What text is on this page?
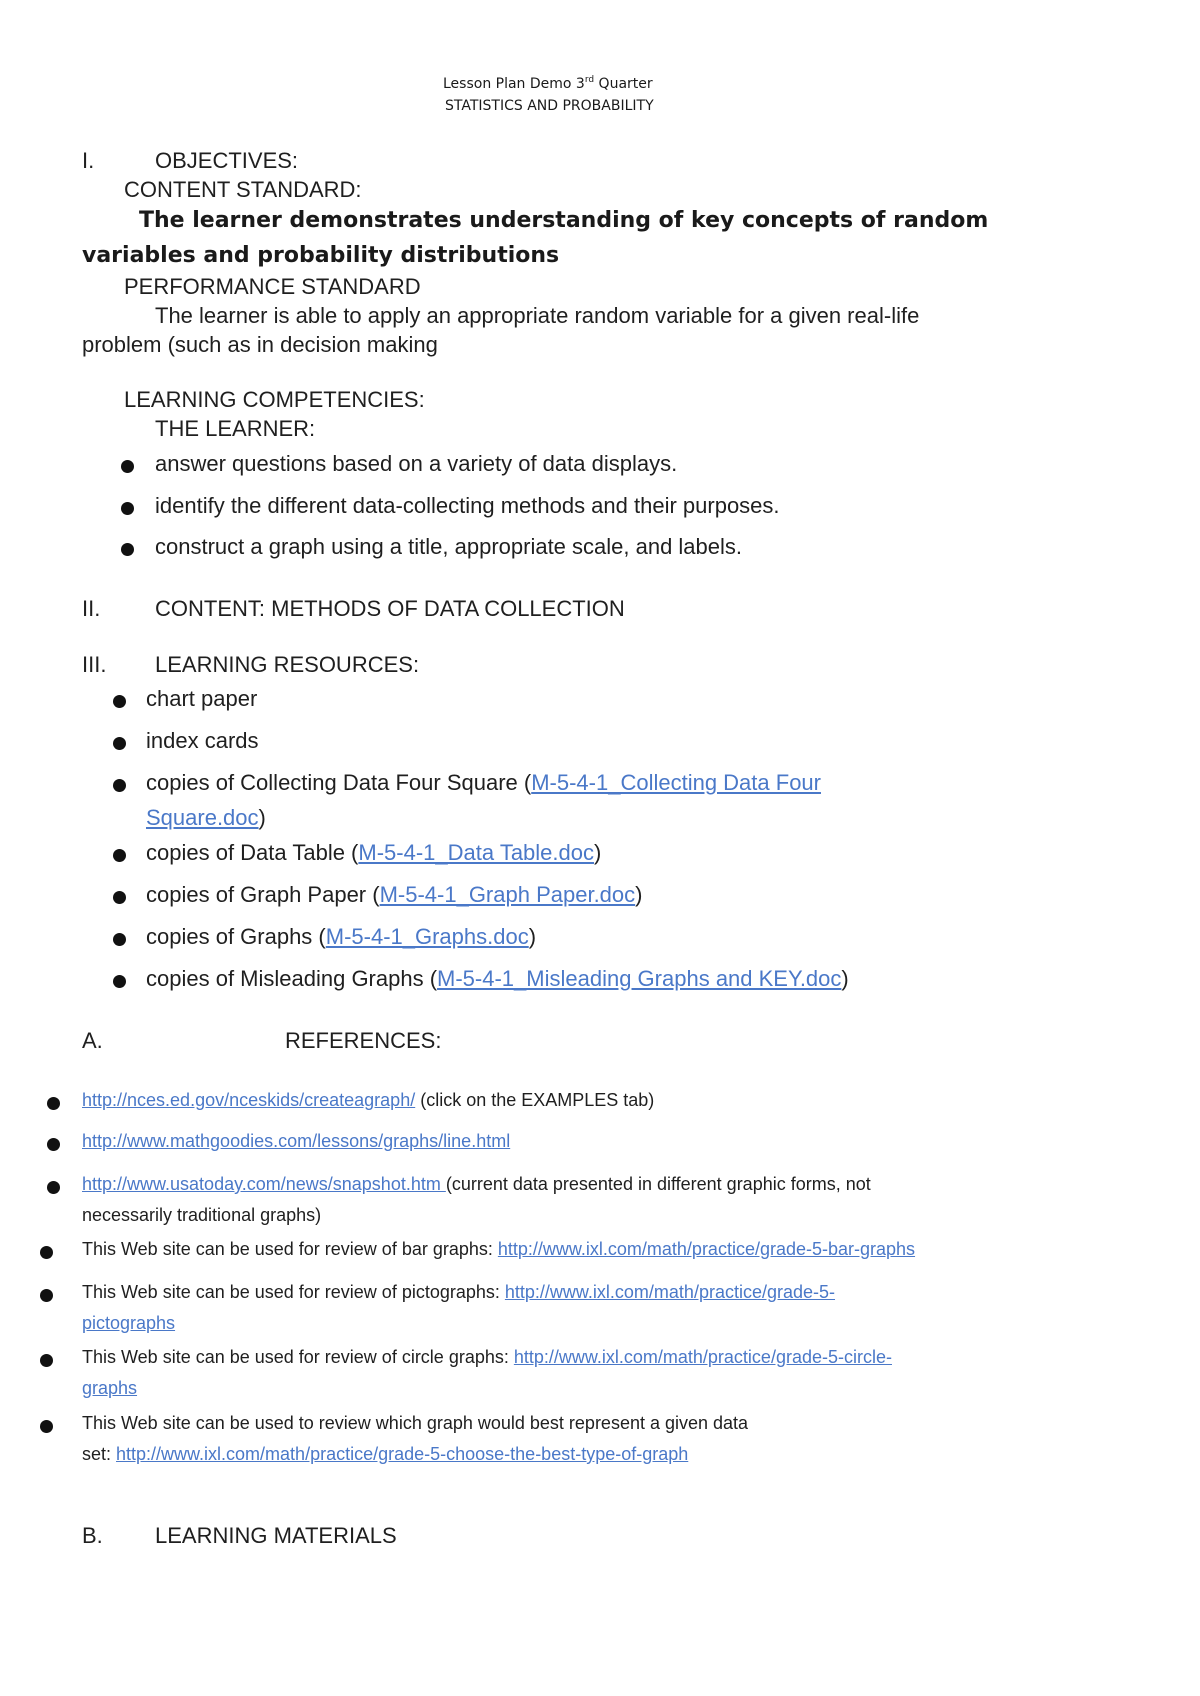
Lesson Plan Demo 3rd Quarter
STATISTICS AND PROBABILITY
I.	OBJECTIVES:
CONTENT STANDARD:
The learner demonstrates understanding of key concepts of random
variables and probability distributions
PERFORMANCE STANDARD
The learner is able to apply an appropriate random variable for a given real-life
problem (such as in decision making
LEARNING COMPETENCIES:
THE LEARNER:
answer questions based on a variety of data displays.
identify the different data-collecting methods and their purposes.
construct a graph using a title, appropriate scale, and labels.
II. CONTENT: METHODS OF DATA COLLECTION
III. LEARNING RESOURCES:
chart paper
index cards
copies of Collecting Data Four Square (M-5-4-1_Collecting Data Four
Square.doc)
copies of Data Table (M-5-4-1_Data Table.doc)
copies of Graph Paper (M-5-4-1_Graph Paper.doc)
copies of Graphs (M-5-4-1_Graphs.doc)
copies of Misleading Graphs (M-5-4-1_Misleading Graphs and KEY.doc)
A.	REFERENCES:
http://nces.ed.gov/nceskids/createagraph/ (click on the EXAMPLES tab)
http://www.mathgoodies.com/lessons/graphs/line.html
http://www.usatoday.com/news/snapshot.htm (current data presented in different graphic forms, not
necessarily traditional graphs)
This Web site can be used for review of bar graphs: http://www.ixl.com/math/practice/grade-5-bar-graphs
This Web site can be used for review of pictographs: http://www.ixl.com/math/practice/grade-5-
pictographs
This Web site can be used for review of circle graphs: http://www.ixl.com/math/practice/grade-5-circle-
graphs
This Web site can be used to review which graph would best represent a given data
set: http://www.ixl.com/math/practice/grade-5-choose-the-best-type-of-graph
B. LEARNING MATERIALS
